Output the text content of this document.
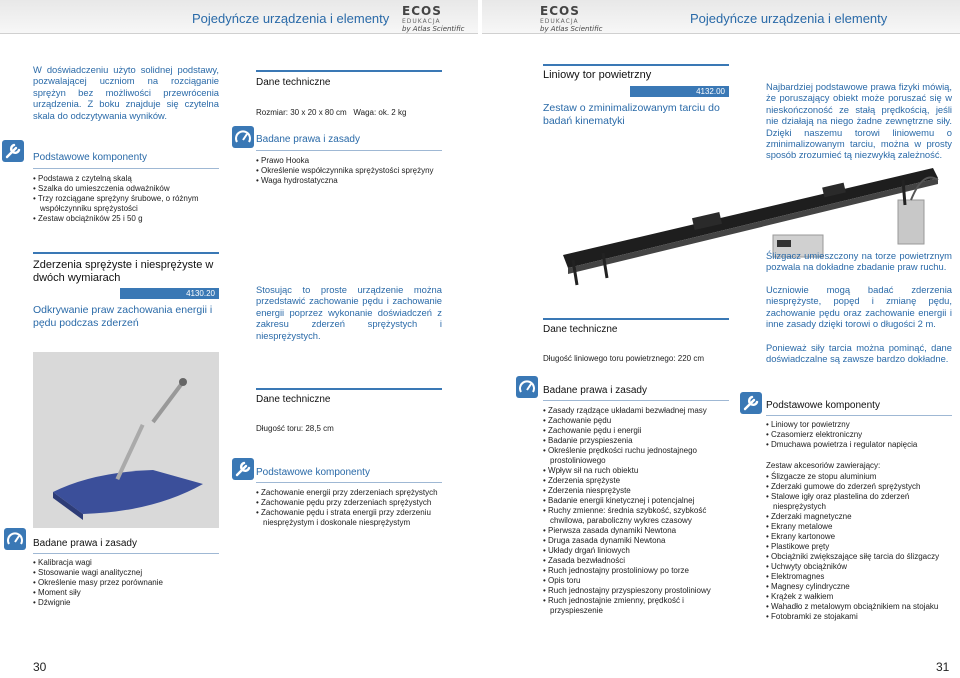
Pojedyńcze urządzenia i elementy	Pojedyńcze urządzenia i elementy
ECOS
EDUKACJA
by Atlas Scientific
ECOS
EDUKACJA
by Atlas Scientific
W doświadczeniu użyto solidnej podstawy, pozwalającej uczniom na rozciąganie sprężyn bez możliwości przewrócenia urządzenia. Z boku znajduje się czytelna skala do odczytywania wyników.
Podstawowe komponenty
• Podstawa z czytelną skalą
• Szalka do umieszczenia odważników
• Trzy rozciągane sprężyny śrubowe, o różnym współczynniku sprężystości
• Zestaw obciążników 25 i 50 g
Dane techniczne
Rozmiar: 30 x 20 x 80 cm   Waga: ok. 2 kg
Badane prawa i zasady
• Prawo Hooka
• Określenie współczynnika sprężystości sprężyny
• Waga hydrostatyczna
Zderzenia sprężyste i niesprężyste w dwóch wymiarach
4130.20
Odkrywanie praw zachowania energii i pędu podczas zderzeń
Stosując to proste urządzenie można przedstawić zachowanie pędu i zachowanie energii poprzez wykonanie doświadczeń z zakresu zderzeń sprężystych i niesprężystych.
Dane techniczne
Długość toru: 28,5 cm
Podstawowe komponenty
• Zachowanie energii przy zderzeniach sprężystych
• Zachowanie pędu przy zderzeniach sprężystych
• Zachowanie pędu i strata energii przy zderzeniu niesprężystym i doskonale niesprężystym
Badane prawa i zasady
• Kalibracja wagi
• Stosowanie wagi analitycznej
• Określenie masy przez porównanie
• Moment siły
• Dźwignie
30
Liniowy tor powietrzny
4132.00
Zestaw o zminimalizowanym tarciu do badań kinematyki
Najbardziej podstawowe prawa fizyki mówią, że poruszający obiekt może poruszać się w nieskończoność ze stałą prędkością, jeśli nie działają na niego żadne zewnętrzne siły. Dzięki naszemu torowi liniowemu o zminimalizowanym tarciu, można w prosty sposób zrozumieć tą niezwykłą zależność.
Ślizgacz umieszczony na torze powietrznym pozwala na dokładne zbadanie praw ruchu.
Uczniowie mogą badać zderzenia niesprężyste, popęd i zmianę pędu, zachowanie pędu oraz zachowanie energii i inne zasady dzięki torowi o długości 2 m.
Ponieważ siły tarcia można pominąć, dane doświadczalne są zawsze bardzo dokładne.
Dane techniczne
Długość liniowego toru powietrznego: 220 cm
Badane prawa i zasady
• Zasady rządzące układami bezwładnej masy
• Zachowanie pędu
• Zachowanie pędu i energii
• Badanie przyspieszenia
• Określenie prędkości ruchu jednostajnego prostoliniowego
• Wpływ sił na ruch obiektu
• Zderzenia sprężyste
• Zderzenia niesprężyste
• Badanie energii kinetycznej i potencjalnej
• Ruchy zmienne: średnia szybkość, szybkość chwilowa, paraboliczny wykres czasowy
• Pierwsza zasada dynamiki Newtona
• Druga zasada dynamiki Newtona
• Układy drgań liniowych
• Zasada bezwładności
• Ruch jednostajny prostoliniowy po torze
• Opis toru
• Ruch jednostajny przyspieszony prostoliniowy
• Ruch jednostajnie zmienny, prędkość i przyspieszenie
Podstawowe komponenty
• Liniowy tor powietrzny
• Czasomierz elektroniczny
• Dmuchawa powietrza i regulator napięcia
Zestaw akcesoriów zawierający:
• Ślizgacze ze stopu aluminium
• Zderzaki gumowe do zderzeń sprężystych
• Stalowe igły oraz plastelina do zderzeń niesprężystych
• Zderzaki magnetyczne
• Ekrany metalowe
• Ekrany kartonowe
• Plastikowe pręty
• Obciążniki zwiększające siłę tarcia do ślizgaczy
• Uchwyty obciążników
• Elektromagnes
• Magnesy cylindryczne
• Krążek z wałkiem
• Wahadło z metalowym obciążnikiem na stojaku
• Fotobramki ze stojakami
31
